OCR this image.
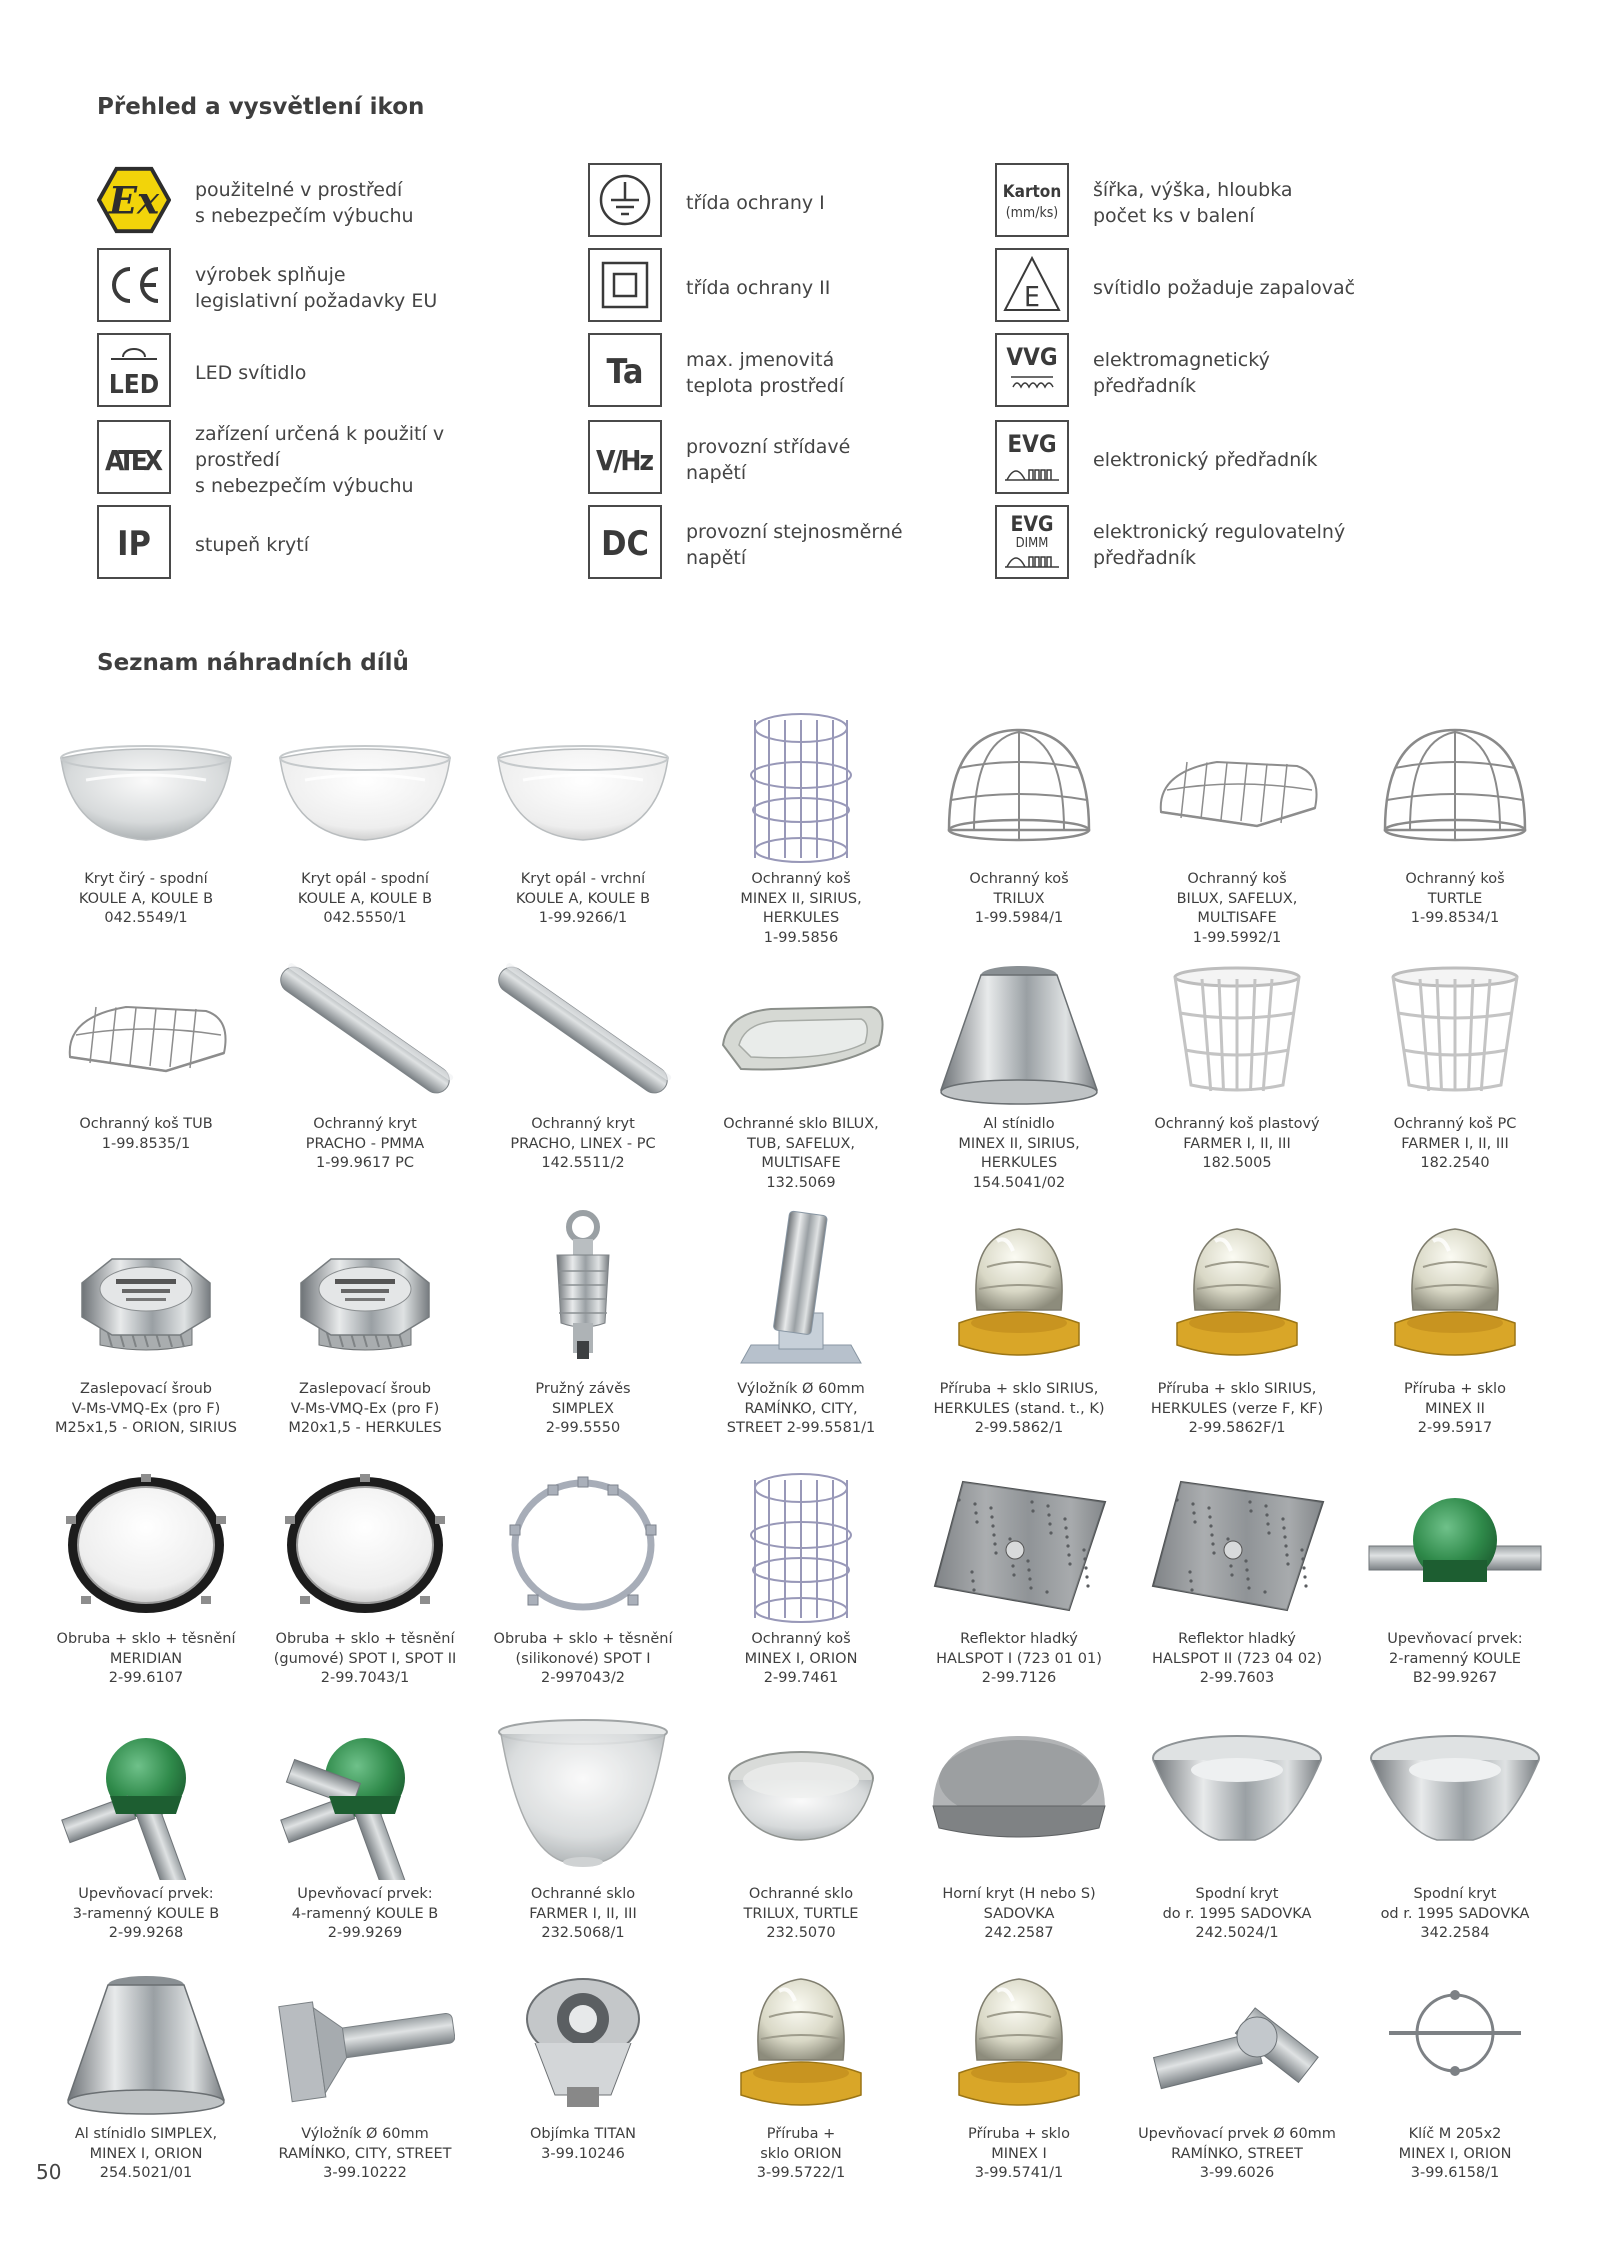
Přehled a vysvětlení ikon
Ex použitelné v prostředí
s nebezpečím výbuchu
výrobek splňuje
legislativní požadavky EU
LED LED svítidlo
ATEX
zařízení určená k použití v prostředí
s nebezpečím výbuchu
IP stupeň krytí
třída ochrany I
třída ochrany II
Ta max. jmenovitá
teplota prostředí
V/Hz provozní střídavé
napětí
DC provozní stejnosměrné
napětí
Karton
(mm/ks)
šířka, výška, hloubka
počet ks v balení
E	svítidlo požaduje zapalovač
VVG elektromagnetický
předřadník
EVG
elektronický předřadník
EVG
DIMM
elektronický regulovatelný
předřadník
Seznam náhradních dílů
Kryt čirý - spodní
KOULE A, KOULE B
042.5549/1
Kryt opál - spodní
KOULE A, KOULE B
042.5550/1
Kryt opál - vrchní
KOULE A, KOULE B
1-99.9266/1
Ochranný koš
MINEX II, SIRIUS,
HERKULES
1-99.5856
Ochranný koš
TRILUX
1-99.5984/1
Ochranný koš
BILUX, SAFELUX,
MULTISAFE
1-99.5992/1
Ochranný koš
TURTLE
1-99.8534/1
Ochranný koš TUB
1-99.8535/1
Ochranný kryt
PRACHO - PMMA
1-99.9617 PC
Ochranný kryt
PRACHO, LINEX - PC
142.5511/2
Ochranné sklo BILUX,
TUB, SAFELUX,
MULTISAFE
132.5069
Al stínidlo
MINEX II, SIRIUS,
HERKULES
154.5041/02
Ochranný koš plastový
FARMER I, II, III
182.5005
Ochranný koš PC
FARMER I, II, III
182.2540
Zaslepovací šroub
V-Ms-VMQ-Ex (pro F)
M25x1,5 - ORION, SIRIUS
Zaslepovací šroub
V-Ms-VMQ-Ex (pro F)
M20x1,5 - HERKULES
Pružný závěs
SIMPLEX
2-99.5550
Výložník Ø 60mm
RAMÍNKO, CITY,
STREET 2-99.5581/1
Příruba + sklo SIRIUS,
HERKULES (stand. t., K)
2-99.5862/1
Příruba + sklo SIRIUS,
HERKULES (verze F, KF)
2-99.5862F/1
Příruba + sklo
MINEX II
2-99.5917
Obruba + sklo + těsnění
MERIDIAN
2-99.6107
Obruba + sklo + těsnění
(gumové) SPOT I, SPOT II
2-99.7043/1
Obruba + sklo + těsnění
(silikonové) SPOT I
2-997043/2
Ochranný koš
MINEX I, ORION
2-99.7461
Reflektor hladký
HALSPOT I (723 01 01)
2-99.7126
Reflektor hladký
HALSPOT II (723 04 02)
2-99.7603
Upevňovací prvek:
2-ramenný KOULE
B2-99.9267
Upevňovací prvek:
3-ramenný KOULE B
2-99.9268
Upevňovací prvek:
4-ramenný KOULE B
2-99.9269
Ochranné sklo
FARMER I, II, III
232.5068/1
Ochranné sklo
TRILUX, TURTLE
232.5070
Horní kryt (H nebo S)
SADOVKA
242.2587
Spodní kryt
do r. 1995 SADOVKA
242.5024/1
Spodní kryt
od r. 1995 SADOVKA
342.2584
Al stínidlo SIMPLEX,
MINEX I, ORION
254.5021/01
Výložník Ø 60mm
RAMÍNKO, CITY, STREET
3-99.10222
Objímka TITAN
3-99.10246
Příruba +
sklo ORION
3-99.5722/1
Příruba + sklo
MINEX I
3-99.5741/1
Upevňovací prvek Ø 60mm
RAMÍNKO, STREET
3-99.6026
Klíč M 205x2
MINEX I, ORION
3-99.6158/1
50
